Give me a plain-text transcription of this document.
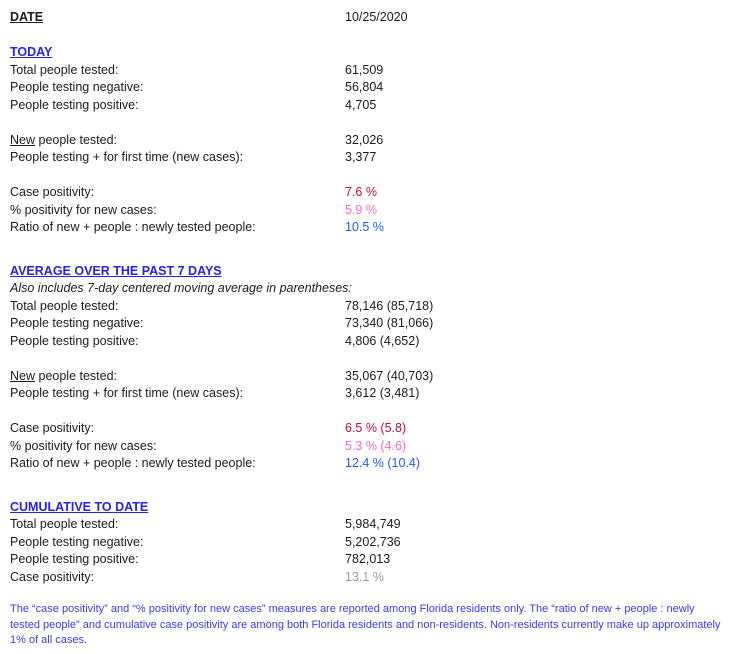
DATE	10/25/2020
TODAY
Total people tested:	61,509
People testing negative:	56,804
People testing positive:	4,705
New people tested:	32,026
People testing + for first time (new cases):	3,377
Case positivity:	7.6 %
% positivity for new cases:	5.9 %
Ratio of new + people : newly tested people:	10.5 %
AVERAGE OVER THE PAST 7 DAYS
Also includes 7-day centered moving average in parentheses:
Total people tested:	78,146 (85,718)
People testing negative:	73,340 (81,066)
People testing positive:	4,806 (4,652)
New people tested:	35,067 (40,703)
People testing + for first time (new cases):	3,612 (3,481)
Case positivity:	6.5 % (5.8)
% positivity for new cases:	5.3 % (4.6)
Ratio of new + people : newly tested people:	12.4 % (10.4)
CUMULATIVE TO DATE
Total people tested:	5,984,749
People testing negative:	5,202,736
People testing positive:	782,013
Case positivity:	13.1 %
The “case positivity” and “% positivity for new cases” measures are reported among Florida residents only. The “ratio of new + people : newly tested people” and cumulative case positivity are among both Florida residents and non-residents. Non-residents currently make up approximately 1% of all cases.
